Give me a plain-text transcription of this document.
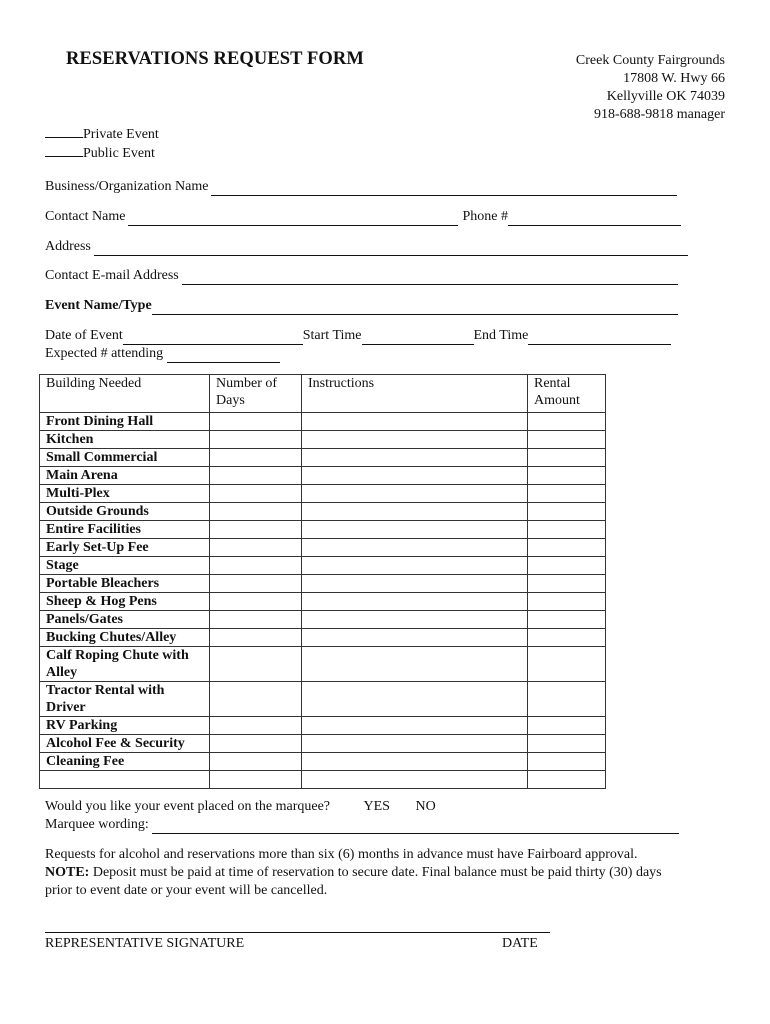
RESERVATIONS REQUEST FORM	Creek County Fairgrounds
17808 W. Hwy 66
Kellyville OK 74039
918-688-9818 manager
Private Event
Public Event
Business/Organization Name
Contact Name	Phone #
Address
Contact E-mail Address
Event Name/Type
Date of Event	Start Time	End Time
Expected # attending
Building Needed	Number of Days	Instructions	Rental Amount
Front Dining Hall			
Kitchen			
Small Commercial			
Main Arena			
Multi-Plex			
Outside Grounds			
Entire Facilities			
Early Set-Up Fee			
Stage			
Portable Bleachers			
Sheep & Hog Pens			
Panels/Gates			
Bucking Chutes/Alley			
Calf Roping Chute with Alley			
Tractor Rental with Driver			
RV Parking			
Alcohol Fee & Security			
Cleaning Fee			

Would you like your event placed on the marquee? YES NO
Marquee wording:
Requests for alcohol and reservations more than six (6) months in advance must have Fairboard approval.
NOTE: Deposit must be paid at time of reservation to secure date. Final balance must be paid thirty (30) days
prior to event date or your event will be cancelled.
REPRESENTATIVE SIGNATURE	DATE
